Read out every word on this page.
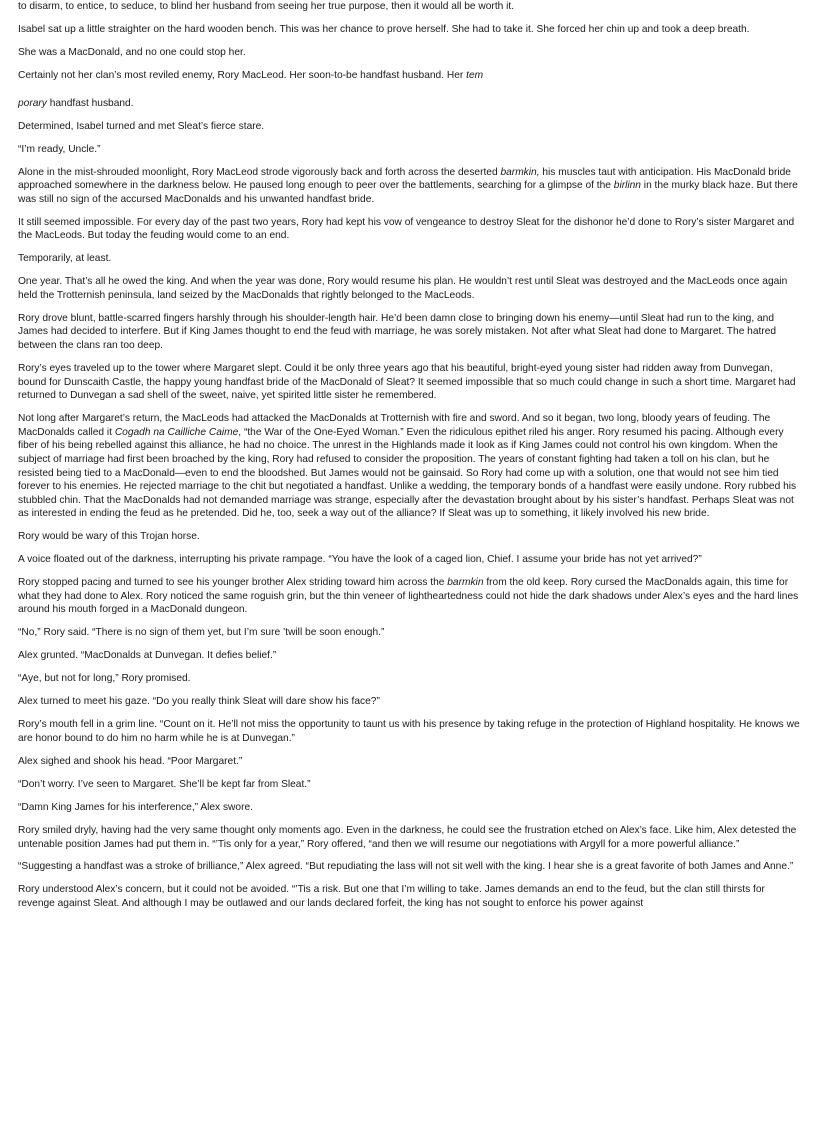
to disarm, to entice, to seduce, to blind her husband from seeing her true purpose, then it would all be worth it.

Isabel sat up a little straighter on the hard wooden bench. This was her chance to prove herself. She had to take it. She forced her chin up and took a deep breath.

She was a MacDonald, and no one could stop her.

Certainly not her clan’s most reviled enemy, Rory MacLeod. Her soon-to-be handfast husband. Her tem

porary handfast husband.

Determined, Isabel turned and met Sleat’s fierce stare.

“I’m ready, Uncle.”

Alone in the mist-shrouded moonlight, Rory MacLeod strode vigorously back and forth across the deserted barmkin, his muscles taut with anticipation. His MacDonald bride approached somewhere in the darkness below. He paused long enough to peer over the battlements, searching for a glimpse of the birlinn in the murky black haze. But there was still no sign of the accursed MacDonalds and his unwanted handfast bride.

It still seemed impossible. For every day of the past two years, Rory had kept his vow of vengeance to destroy Sleat for the dishonor he’d done to Rory’s sister Margaret and the MacLeods. But today the feuding would come to an end.

Temporarily, at least.

One year. That’s all he owed the king. And when the year was done, Rory would resume his plan. He wouldn’t rest until Sleat was destroyed and the MacLeods once again held the Trotternish peninsula, land seized by the MacDonalds that rightly belonged to the MacLeods.

Rory drove blunt, battle-scarred fingers harshly through his shoulder-length hair. He’d been damn close to bringing down his enemy—until Sleat had run to the king, and James had decided to interfere. But if King James thought to end the feud with marriage, he was sorely mistaken. Not after what Sleat had done to Margaret. The hatred between the clans ran too deep.

Rory’s eyes traveled up to the tower where Margaret slept. Could it be only three years ago that his beautiful, bright-eyed young sister had ridden away from Dunvegan, bound for Dunscaith Castle, the happy young handfast bride of the MacDonald of Sleat? It seemed impossible that so much could change in such a short time. Margaret had returned to Dunvegan a sad shell of the sweet, naive, yet spirited little sister he remembered.

Not long after Margaret’s return, the MacLeods had attacked the MacDonalds at Trotternish with fire and sword. And so it began, two long, bloody years of feuding. The MacDonalds called it Cogadh na Cailliche Caime, “the War of the One-Eyed Woman.” Even the ridiculous epithet riled his anger. Rory resumed his pacing. Although every fiber of his being rebelled against this alliance, he had no choice. The unrest in the Highlands made it look as if King James could not control his own kingdom. When the subject of marriage had first been broached by the king, Rory had refused to consider the proposition. The years of constant fighting had taken a toll on his clan, but he resisted being tied to a MacDonald—even to end the bloodshed. But James would not be gainsaid. So Rory had come up with a solution, one that would not see him tied forever to his enemies. He rejected marriage to the chit but negotiated a handfast. Unlike a wedding, the temporary bonds of a handfast were easily undone. Rory rubbed his stubbled chin. That the MacDonalds had not demanded marriage was strange, especially after the devastation brought about by his sister’s handfast. Perhaps Sleat was not as interested in ending the feud as he pretended. Did he, too, seek a way out of the alliance? If Sleat was up to something, it likely involved his new bride.

Rory would be wary of this Trojan horse.

A voice floated out of the darkness, interrupting his private rampage. “You have the look of a caged lion, Chief. I assume your bride has not yet arrived?”

Rory stopped pacing and turned to see his younger brother Alex striding toward him across the barmkin from the old keep. Rory cursed the MacDonalds again, this time for what they had done to Alex. Rory noticed the same roguish grin, but the thin veneer of lightheartedness could not hide the dark shadows under Alex’s eyes and the hard lines around his mouth forged in a MacDonald dungeon.

“No,” Rory said. “There is no sign of them yet, but I’m sure ’twill be soon enough.”

Alex grunted. “MacDonalds at Dunvegan. It defies belief.”

“Aye, but not for long,” Rory promised.

Alex turned to meet his gaze. “Do you really think Sleat will dare show his face?”

Rory’s mouth fell in a grim line. “Count on it. He’ll not miss the opportunity to taunt us with his presence by taking refuge in the protection of Highland hospitality. He knows we are honor bound to do him no harm while he is at Dunvegan.”

Alex sighed and shook his head. “Poor Margaret.”

“Don’t worry. I’ve seen to Margaret. She’ll be kept far from Sleat.”

“Damn King James for his interference,” Alex swore.

Rory smiled dryly, having had the very same thought only moments ago. Even in the darkness, he could see the frustration etched on Alex’s face. Like him, Alex detested the untenable position James had put them in. “’Tis only for a year,” Rory offered, “and then we will resume our negotiations with Argyll for a more powerful alliance.”

“Suggesting a handfast was a stroke of brilliance,” Alex agreed. “But repudiating the lass will not sit well with the king. I hear she is a great favorite of both James and Anne.”

Rory understood Alex’s concern, but it could not be avoided. “’Tis a risk. But one that I’m willing to take. James demands an end to the feud, but the clan still thirsts for revenge against Sleat. And although I may be outlawed and our lands declared forfeit, the king has not sought to enforce his power against
